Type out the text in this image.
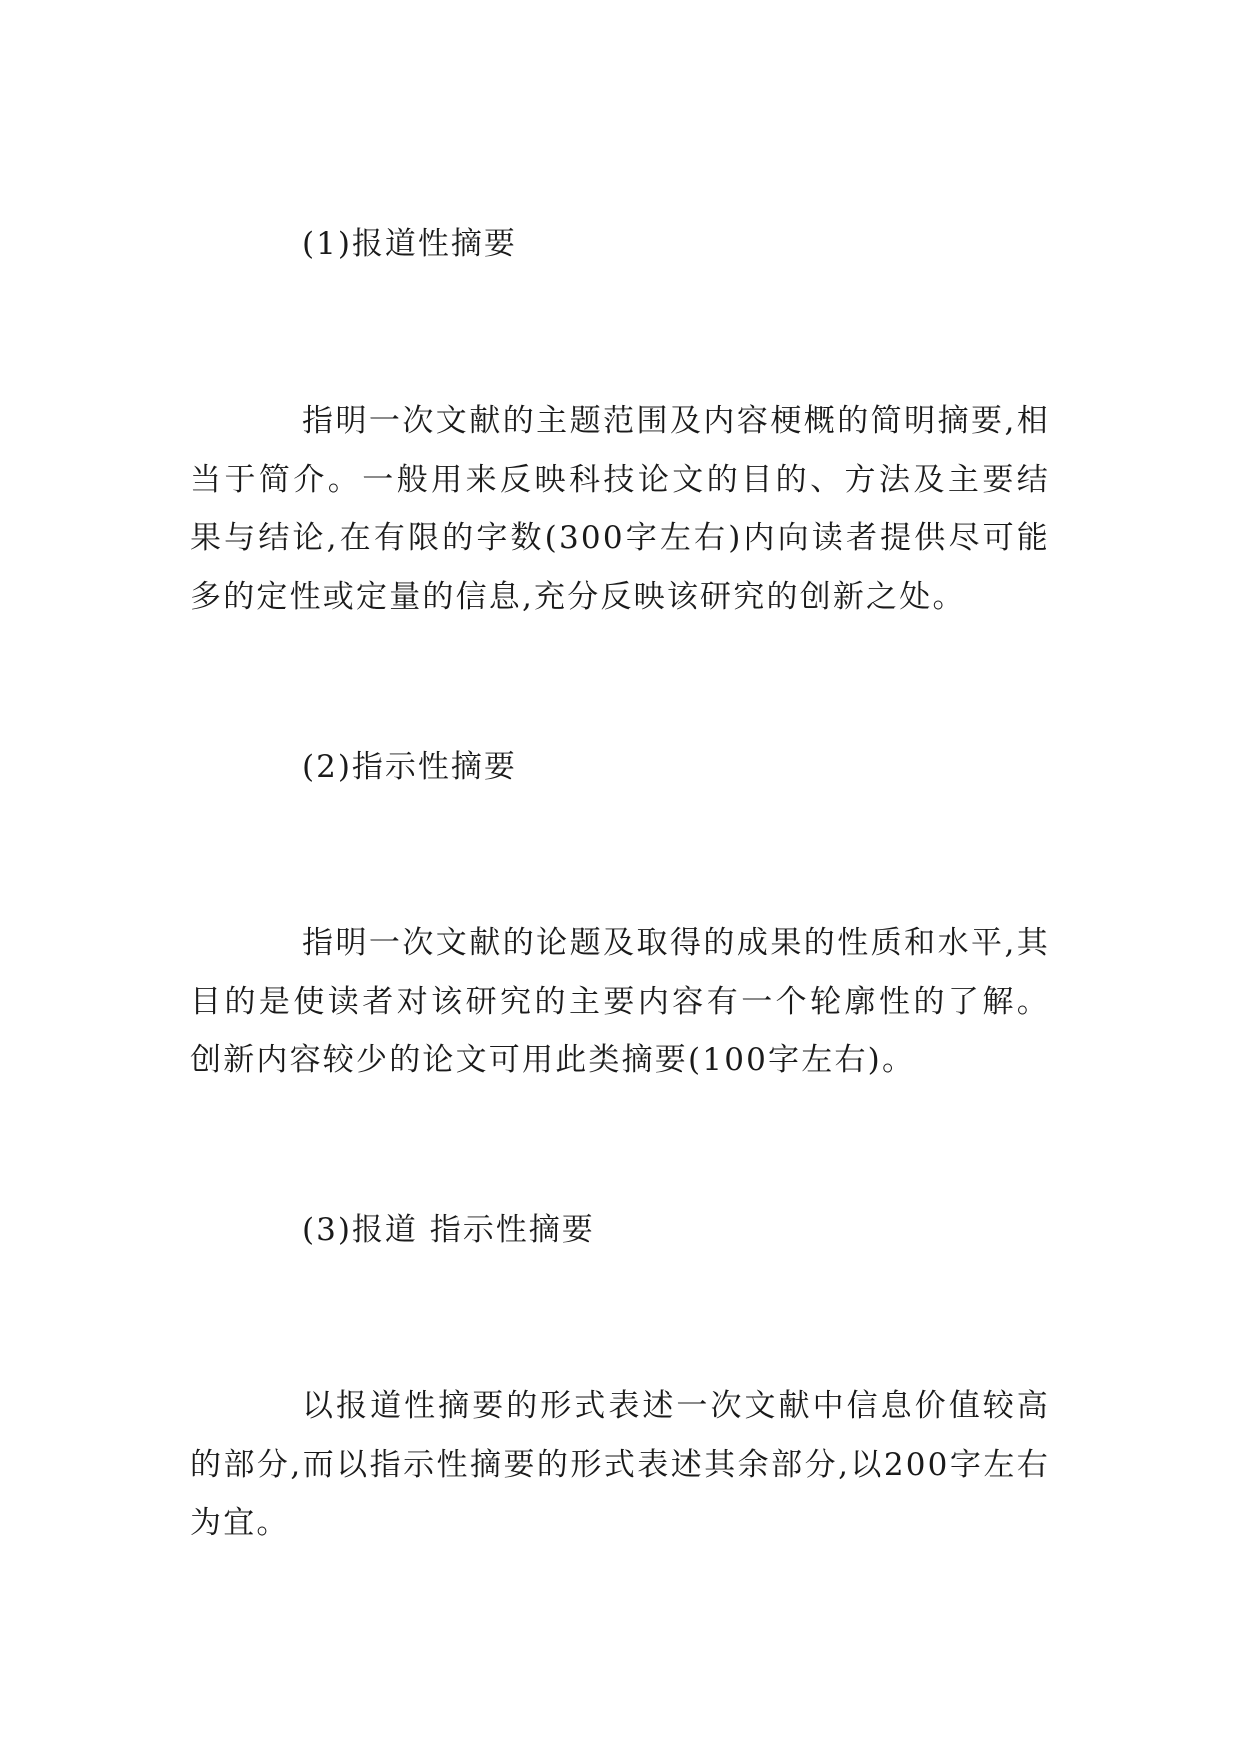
(1)报道性摘要

指明一次文献的主题范围及内容梗概的简明摘要,相当于简介。一般用来反映科技论文的目的、方法及主要结果与结论,在有限的字数(300字左右)内向读者提供尽可能多的定性或定量的信息,充分反映该研究的创新之处。

(2)指示性摘要

指明一次文献的论题及取得的成果的性质和水平,其目的是使读者对该研究的主要内容有一个轮廓性的了解。创新内容较少的论文可用此类摘要(100字左右)。

(3)报道 指示性摘要

以报道性摘要的形式表述一次文献中信息价值较高的部分,而以指示性摘要的形式表述其余部分,以200字左右为宜。
